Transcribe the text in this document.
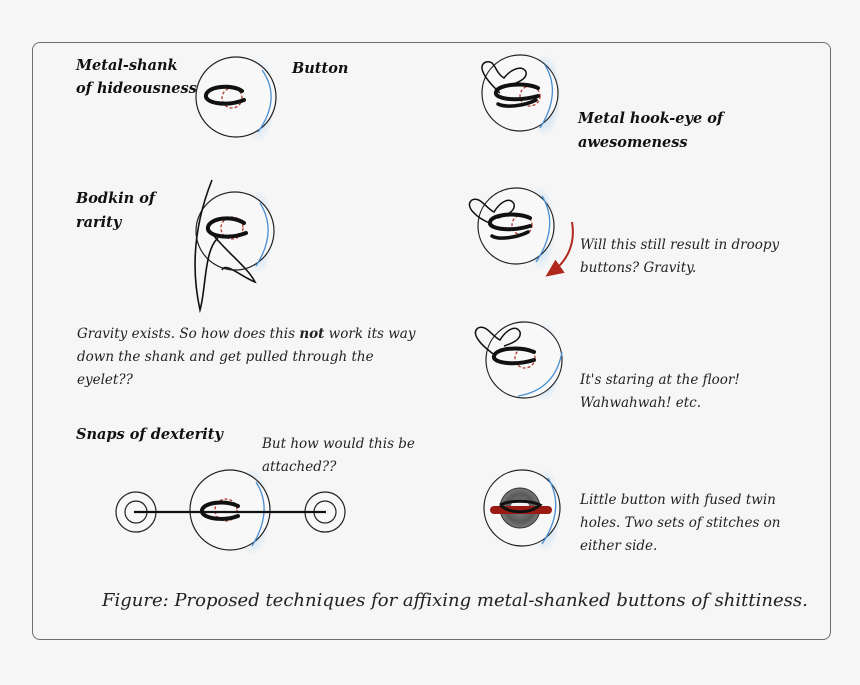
Metal-shank
of hideousness
Button
Metal hook-eye of
awesomeness
Bodkin of
rarity
Snaps of dexterity
Will this still result in droopy
buttons? Gravity.
Gravity exists. So how does this not work its way
down the shank and get pulled through the
eyelet??	It's staring at the floor!
Wahwahwah! etc.
But how would this be
attached??
Little button with fused twin
holes. Two sets of stitches on
either side.
Figure: Proposed techniques for affixing metal-shanked buttons of shittiness.
